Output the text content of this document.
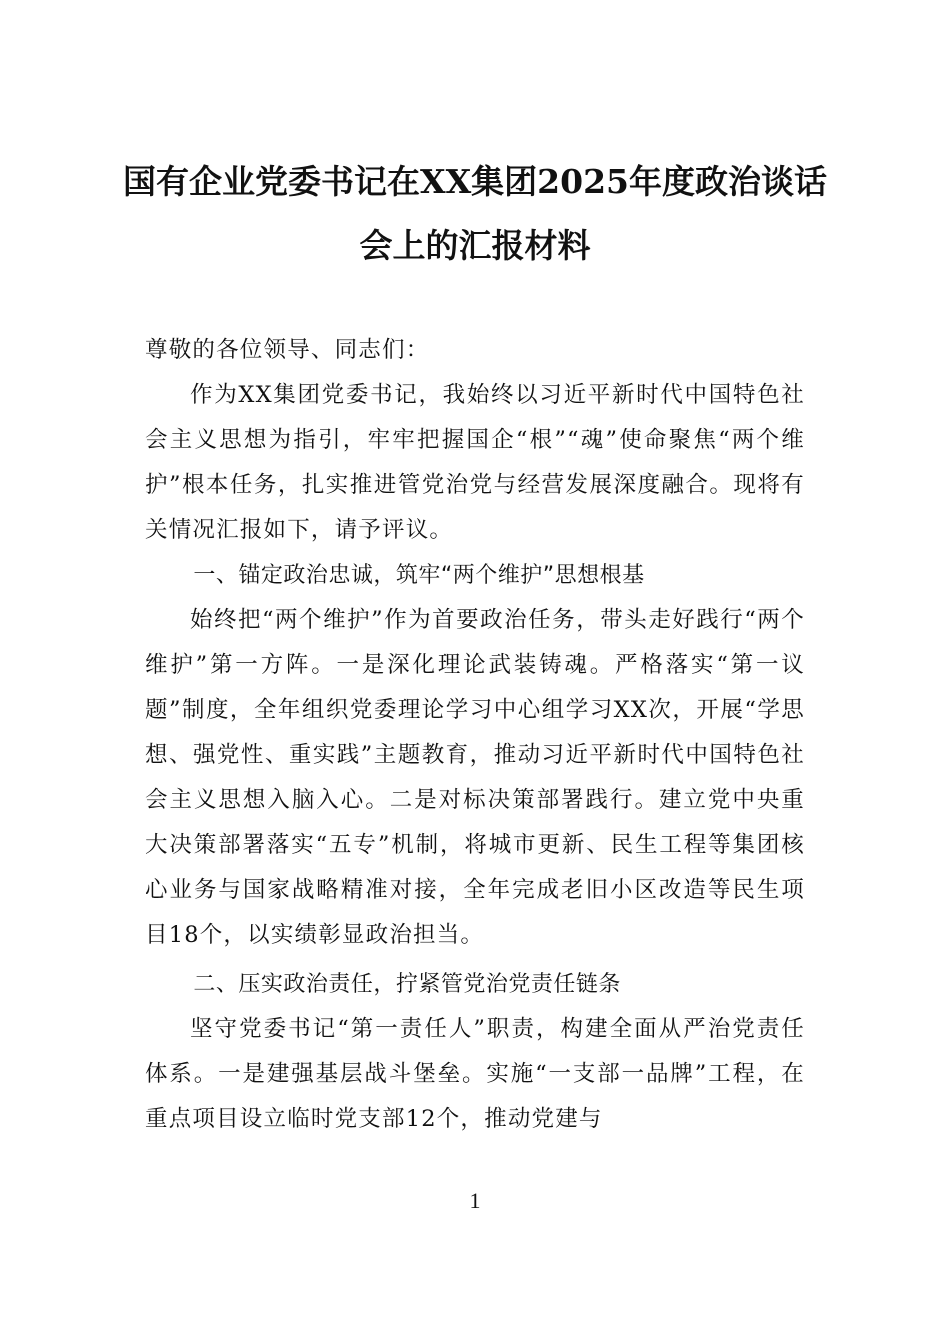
国有企业党委书记在XX集团2025年度政治谈话会上的汇报材料

尊敬的各位领导、同志们：

作为XX集团党委书记，我始终以习近平新时代中国特色社会主义思想为指引，牢牢把握国企“根”“魂”使命聚焦“两个维护”根本任务，扎实推进管党治党与经营发展深度融合。现将有关情况汇报如下，请予评议。

一、锚定政治忠诚，筑牢“两个维护”思想根基

始终把“两个维护”作为首要政治任务，带头走好践行“两个维护”第一方阵。一是深化理论武装铸魂。严格落实“第一议题”制度，全年组织党委理论学习中心组学习XX次，开展“学思想、强党性、重实践”主题教育，推动习近平新时代中国特色社会主义思想入脑入心。二是对标决策部署践行。建立党中央重大决策部署落实“五专”机制，将城市更新、民生工程等集团核心业务与国家战略精准对接，全年完成老旧小区改造等民生项目18个，以实绩彰显政治担当。

二、压实政治责任，拧紧管党治党责任链条

坚守党委书记“第一责任人”职责，构建全面从严治党责任体系。一是建强基层战斗堡垒。实施“一支部一品牌”工程，在重点项目设立临时党支部12个，推动党建与

1
